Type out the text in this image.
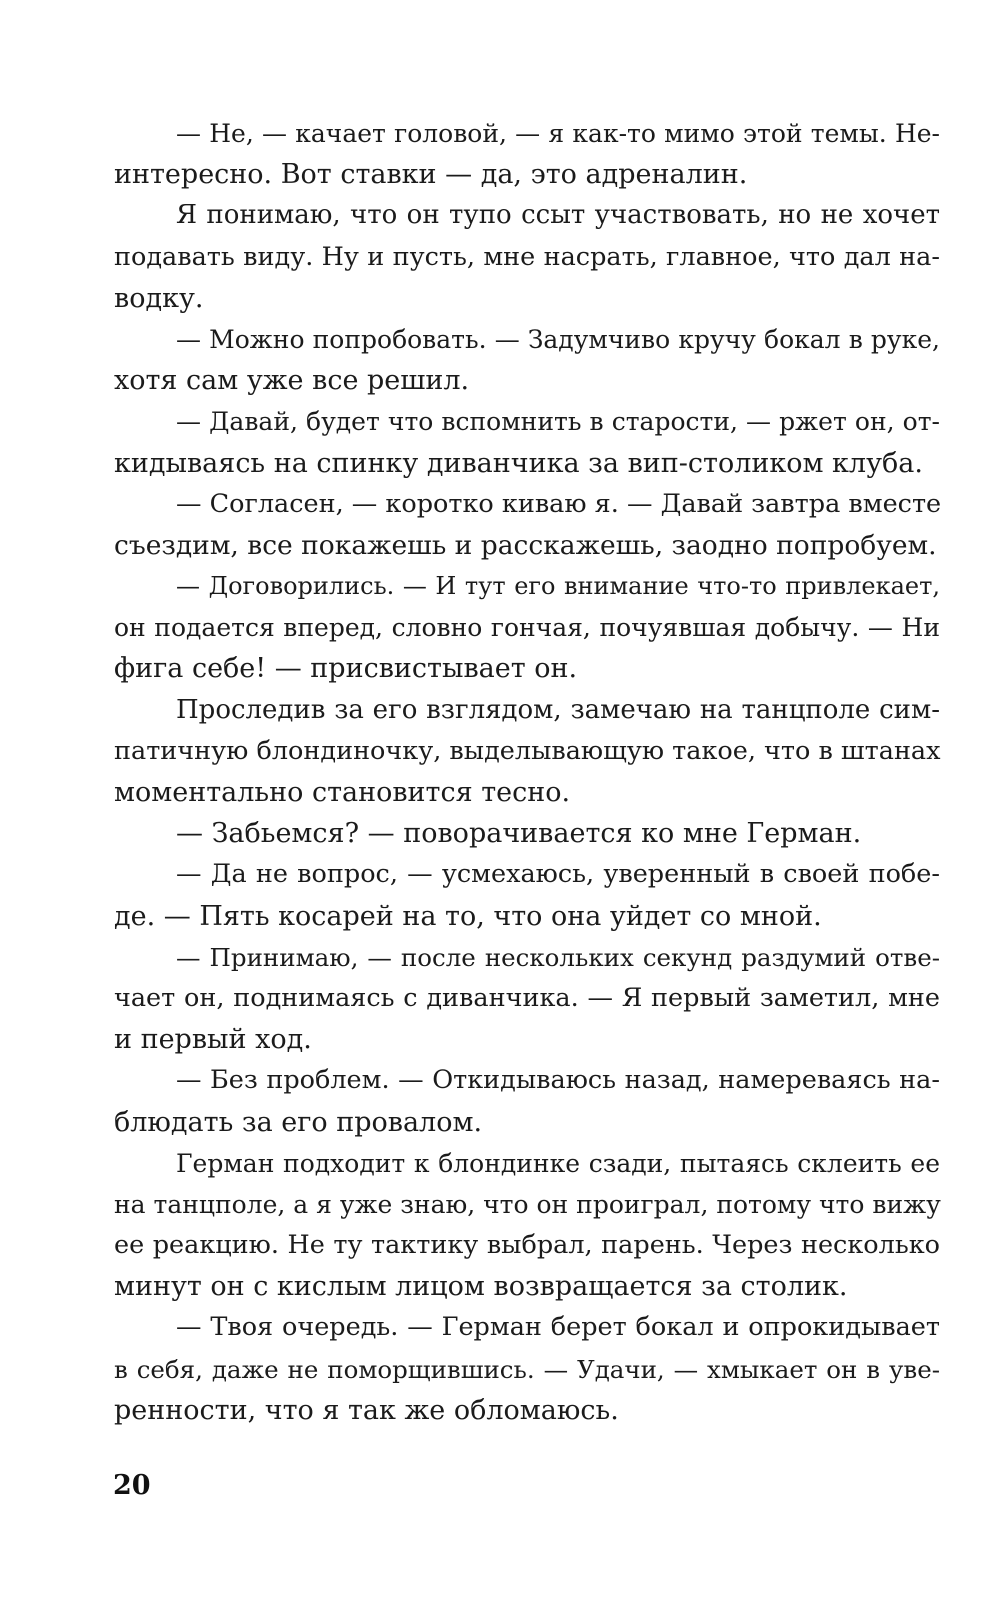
— Не, — качает головой, — я как-то мимо этой темы. Не-
интересно. Вот ставки — да, это адреналин.
Я понимаю, что он тупо ссыт участвовать, но не хочет
подавать виду. Ну и пусть, мне насрать, главное, что дал на-
водку.
— Можно попробовать. — Задумчиво кручу бокал в руке,
хотя сам уже все решил.
— Давай, будет что вспомнить в старости, — ржет он, от-
кидываясь на спинку диванчика за вип-столиком клуба.
— Согласен, — коротко киваю я. — Давай завтра вместе
съездим, все покажешь и расскажешь, заодно попробуем.
— Договорились. — И тут его внимание что-то привлекает,
он подается вперед, словно гончая, почуявшая добычу. — Ни
фига себе! — присвистывает он.
Проследив за его взглядом, замечаю на танцполе сим-
патичную блондиночку, выделывающую такое, что в штанах
моментально становится тесно.
— Забьемся? — поворачивается ко мне Герман.
— Да не вопрос, — усмехаюсь, уверенный в своей побе-
де. — Пять косарей на то, что она уйдет со мной.
— Принимаю, — после нескольких секунд раздумий отве-
чает он, поднимаясь с диванчика. — Я первый заметил, мне
и первый ход.
— Без проблем. — Откидываюсь назад, намереваясь на-
блюдать за его провалом.
Герман подходит к блондинке сзади, пытаясь склеить ее
на танцполе, а я уже знаю, что он проиграл, потому что вижу
ее реакцию. Не ту тактику выбрал, парень. Через несколько
минут он с кислым лицом возвращается за столик.
— Твоя очередь. — Герман берет бокал и опрокидывает
в себя, даже не поморщившись. — Удачи, — хмыкает он в уве-
ренности, что я так же обломаюсь.
20
